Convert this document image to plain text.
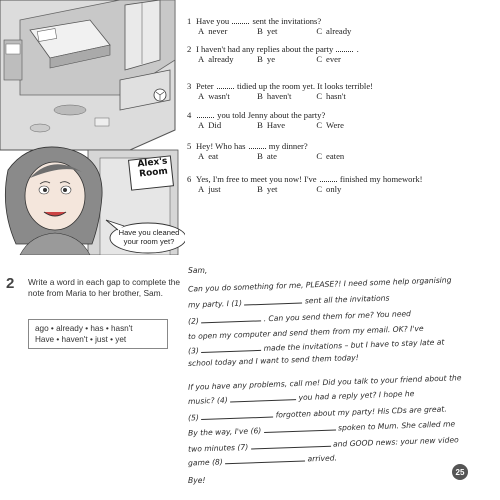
Alex's
Room
Have you cleaned your room yet?
1 Have you  sent the invitations?
A never	B yet	C already
2 I haven't had any replies about the party  .
A already	B ye	C ever
3 Peter  tidied up the room yet. It looks terrible!
A wasn't	B haven't	C hasn't
4	you told Jenny about the party?
A Did	B Have	C Were
5 Hey! Who has  my dinner?
A eat	B ate	C eaten
6 Yes, I'm free to meet you now! I've  finished my homework!
A just	B yet	C only
2 Write a word in each gap to complete the note from Maria to her brother, Sam.
ago • already • has • hasn't
Have • haven't • just • yet
Sam,
Can you do something for me, PLEASE?! I need some help organising
my party. I (1)	sent all the invitations
(2)	. Can you send them for me? You need
to open my computer and send them from my email. OK? I've
(3)	made the invitations – but I have to stay late at
school today and I want to send them today!
If you have any problems, call me! Did you talk to your friend about the
music? (4)	you had a reply yet? I hope he
(5)	forgotten about my party! His CDs are great.
By the way, I've (6)	spoken to Mum. She called me
two minutes (7)	and GOOD news: your new video
game (8)	arrived.
Bye!
25
